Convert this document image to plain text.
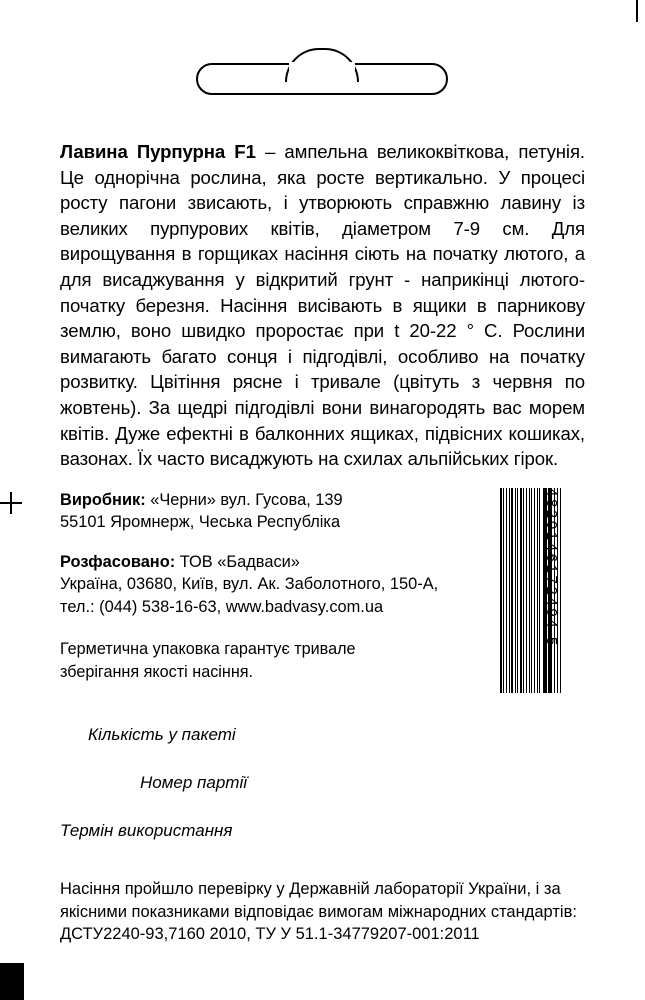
Лавина Пурпурна F1 – ампельна великоквіткова, петунія. Це однорічна рослина, яка росте вертикально. У процесі росту пагони звисають, і утворюють справжню лавину із великих пурпурових квітів, діаметром 7-9 см. Для вирощування в горщиках насіння сіють на початку лютого, а для висаджування у відкритий грунт - наприкінці лютого-початку березня. Насіння висівають в ящики в парникову землю, воно швидко проростає при t 20-22 ° С. Рослини вимагають багато сонця і підгодівлі, особливо на початку розвитку. Цвітіння рясне і тривале (цвітуть з червня по жовтень). За щедрі підгодівлі вони винагородять вас морем квітів. Дуже ефектні в балконних ящиках, підвісних кошиках, вазонах. Їх часто висаджують на схилах альпійських гірок.

Виробник: «Черни» вул. Гусова, 139
55101 Яромнерж, Чеська Республіка
Розфасовано: ТОВ «Бадваси»
Україна, 03680, Київ, вул. Ак. Заболотного, 150-А,
тел.: (044) 538-16-63, www.badvasy.com.ua
Герметична упаковка гарантує тривале
зберігання якості насіння.
4820146172494 5
Кількість у пакеті
Номер партії
Термін використання
Насіння пройшло перевірку у Державній лабораторії України, і за
якісними показниками відповідає вимогам міжнародних стандартів:
ДСТУ2240-93,7160 2010, ТУ У 51.1-34779207-001:2011
